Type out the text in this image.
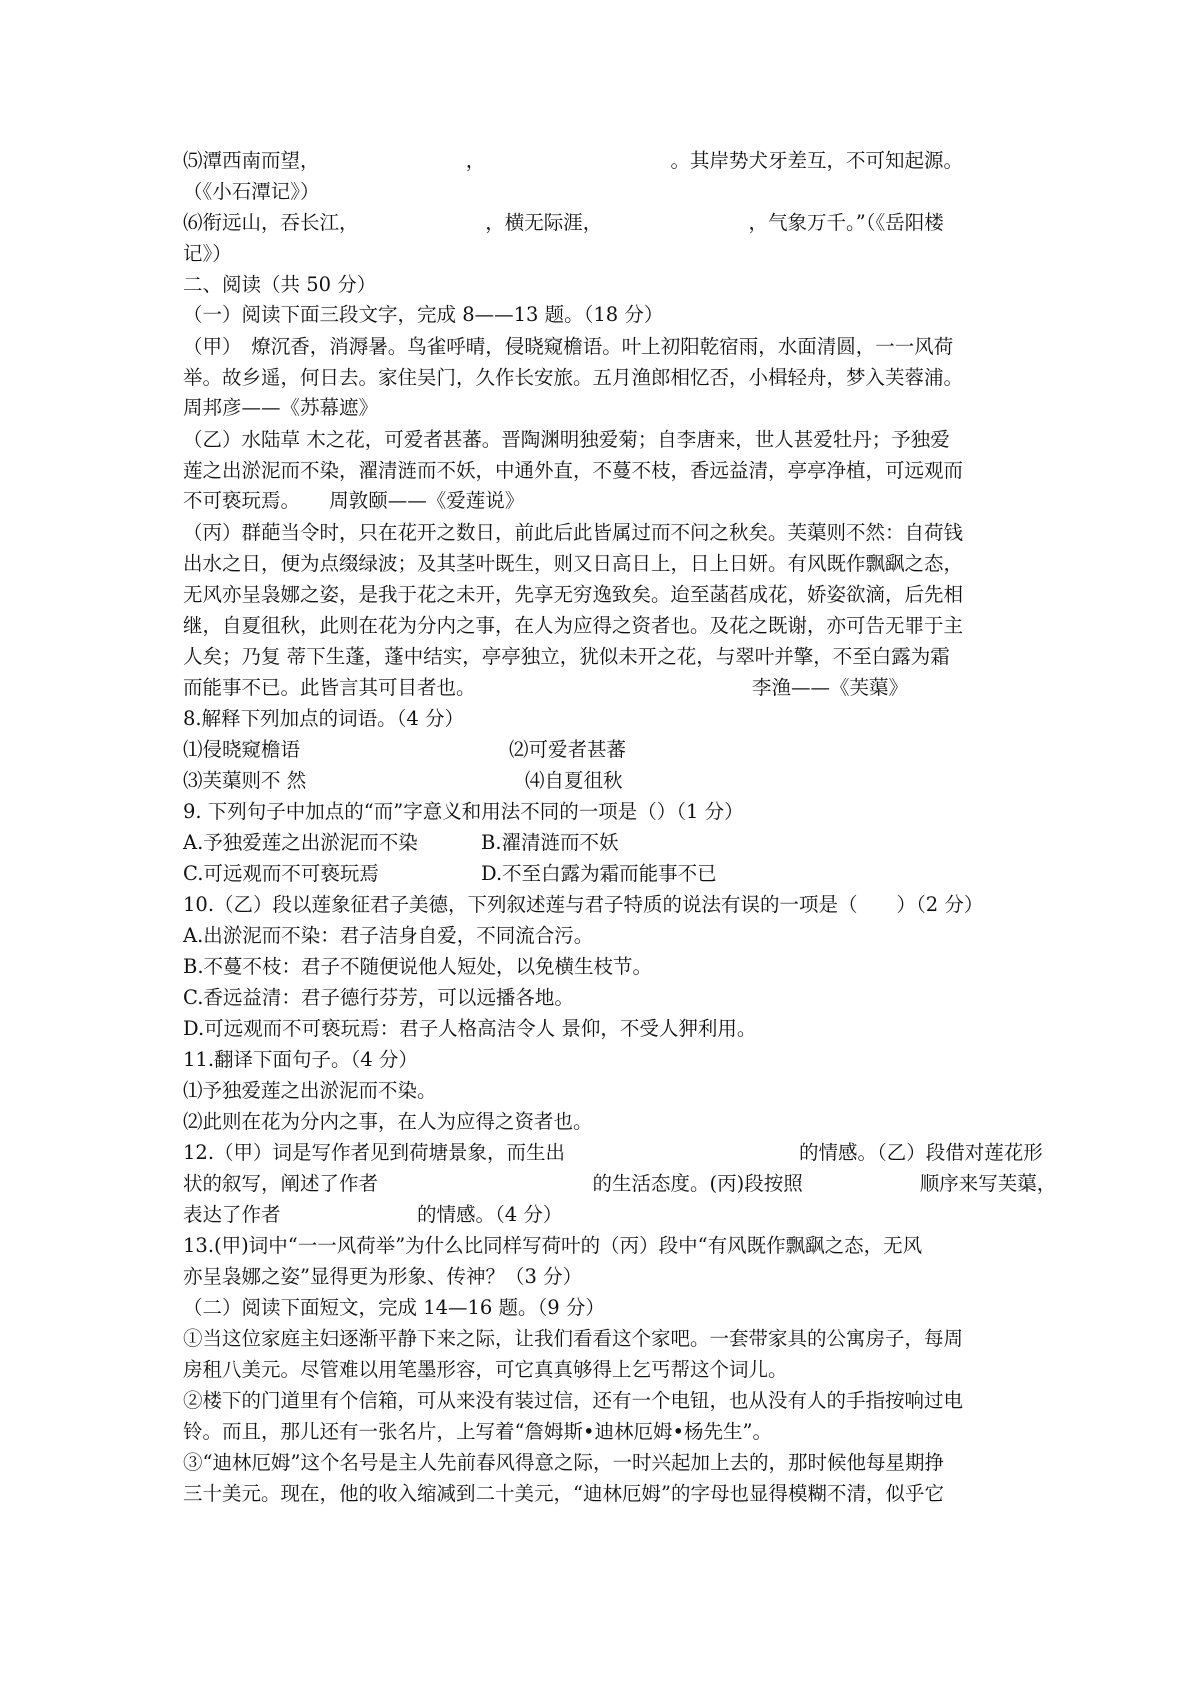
⑸潭西南而望，　　　　　　　　，　　　　　　　　　　。其岸势犬牙差互，不可知起源。
（《小石潭记》）
⑹衔远山，吞长江，　　　　　　　，横无际涯，　　　　　　　　，气象万千。”（《岳阳楼
记》）
二、阅读（共 50 分）
（一）阅读下面三段文字，完成 8——13 题。（18 分）
（甲）　燎沉香，消溽暑。鸟雀呼晴，侵晓窥檐语。叶上初阳乾宿雨，水面清圆，一一风荷
举。故乡遥，何日去。家住吴门，久作长安旅。五月渔郎相忆否，小楫轻舟，梦入芙蓉浦。
周邦彦——《苏幕遮》
（乙）水陆草 木之花，可爱者甚蕃。晋陶渊明独爱菊；自李唐来，世人甚爱牡丹；予独爱
莲之出淤泥而不染，濯清涟而不妖，中通外直，不蔓不枝，香远益清，亭亭净植，可远观而
不可亵玩焉。　　周敦颐——《爱莲说》
（丙）群葩当令时，只在花开之数日，前此后此皆属过而不问之秋矣。芙蕖则不然：自荷钱
出水之日，便为点缀绿波；及其茎叶既生，则又日高日上，日上日妍。有风既作飘飖之态，
无风亦呈袅娜之姿，是我于花之未开，先享无穷逸致矣。迨至菡萏成花，娇姿欲滴，后先相
继，自夏徂秋，此则在花为分内之事，在人为应得之资者也。及花之既谢，亦可告无罪于主
人矣；乃复 蒂下生蓬，蓬中结实，亭亭独立，犹似未开之花，与翠叶并擎，不至白露为霜
而能事不已。此皆言其可目者也。	李渔——《芙蕖》
8.解释下列加点的词语。（4 分）
⑴侵晓窥檐语	⑵可爱者甚蕃
⑶芙蕖则不 然	⑷自夏徂秋
9. 下列句子中加点的“而”字意义和用法不同的一项是（）（1 分）
A.予独爱莲之出淤泥而不染	B.濯清涟而不妖
C.可远观而不可亵玩焉	D.不至白露为霜而能事不已
10.（乙）段以莲象征君子美德，下列叙述莲与君子特质的说法有误的一项是（　　）（2 分）
A.出淤泥而不染：君子洁身自爱，不同流合污。
B.不蔓不枝：君子不随便说他人短处，以免横生枝节。
C.香远益清：君子德行芬芳，可以远播各地。
D.可远观而不可亵玩焉：君子人格高洁令人 景仰，不受人狎利用。
11.翻译下面句子。（4 分）
⑴予独爱莲之出淤泥而不染。
⑵此则在花为分内之事，在人为应得之资者也。
12.（甲）词是写作者见到荷塘景象，而生出　　　　　　　　　　　　的情感。（乙）段借对莲花形
状的叙写，阐述了作者　　　　　　　　　　　的生活态度。(丙)段按照　　　　　　顺序来写芙蕖，
表达了作者　　　　　　　的情感。（4 分）
13.(甲)词中“一一风荷举”为什么比同样写荷叶的（丙）段中“有风既作飘飖之态，无风
亦呈袅娜之姿”显得更为形象、传神？（3 分）
（二）阅读下面短文，完成 14—16 题。（9 分）
①当这位家庭主妇逐渐平静下来之际，让我们看看这个家吧。一套带家具的公寓房子，每周
房租八美元。尽管难以用笔墨形容，可它真真够得上乞丐帮这个词儿。
②楼下的门道里有个信箱，可从来没有装过信，还有一个电钮，也从没有人的手指按响过电
铃。而且，那儿还有一张名片，上写着“詹姆斯•迪林厄姆•杨先生”。
③“迪林厄姆”这个名号是主人先前春风得意之际，一时兴起加上去的，那时候他每星期挣
三十美元。现在，他的收入缩减到二十美元，“迪林厄姆”的字母也显得模糊不清，似乎它
